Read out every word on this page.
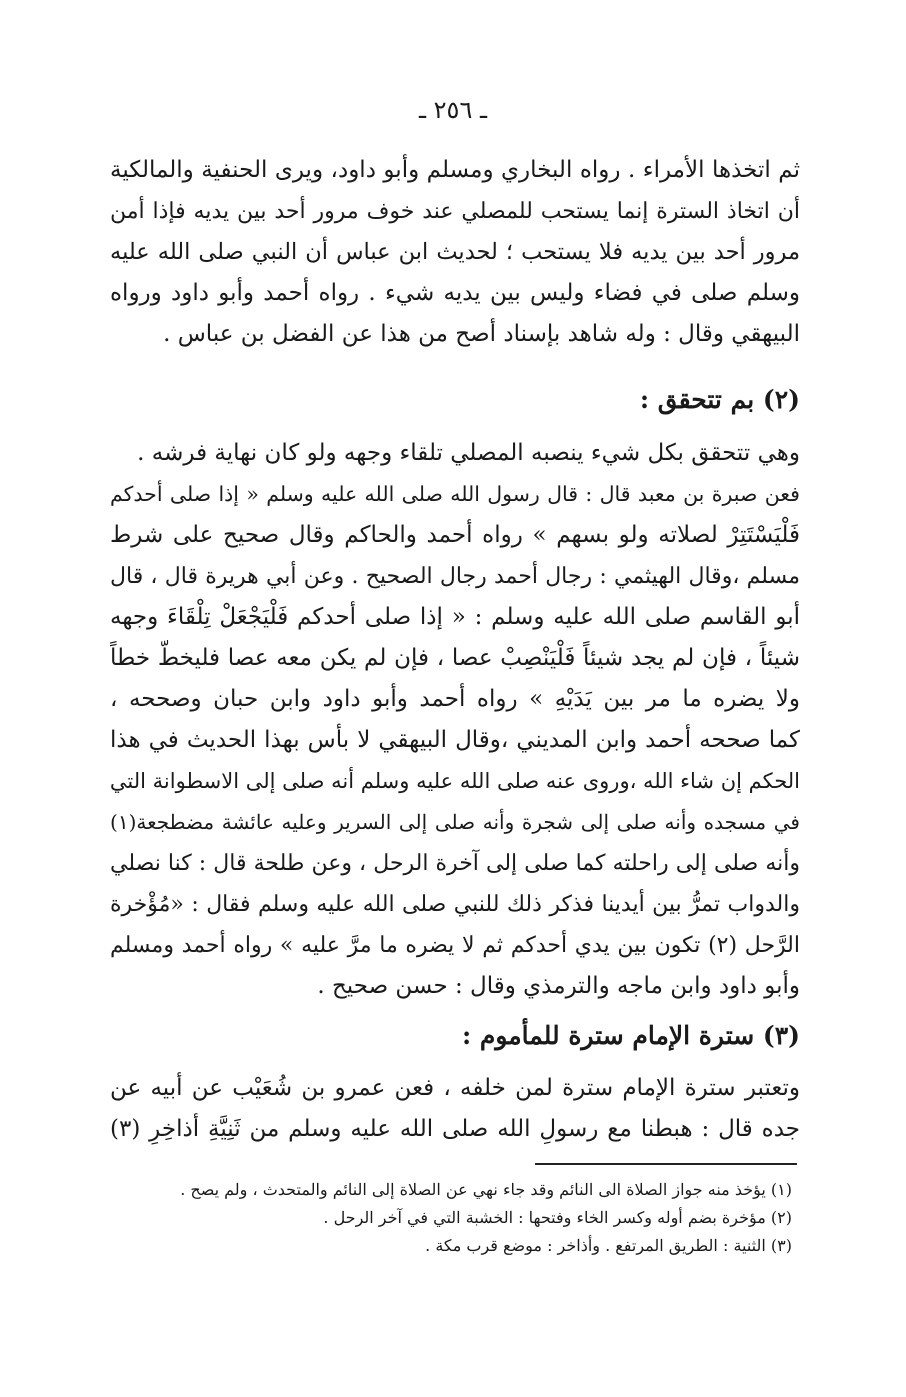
ـ ٢٥٦ ـ
ثم اتخذها الأمراء . رواه البخاري ومسلم وأبو داود، ويرى الحنفية والمالكية
أن اتخاذ السترة إنما يستحب للمصلي عند خوف مرور أحد بين يديه فإذا أمن
مرور أحد بين يديه فلا يستحب ؛ لحديث ابن عباس أن النبي صلى الله عليه
وسلم صلى في فضاء وليس بين يديه شيء . رواه أحمد وأبو داود ورواه
البيهقي وقال : وله شاهد بإسناد أصح من هذا عن الفضل بن عباس .
(٢) بم تتحقق :
وهي تتحقق بكل شيء ينصبه المصلي تلقاء وجهه ولو كان نهاية فرشه .
فعن صبرة بن معبد قال : قال رسول الله صلى الله عليه وسلم « إذا صلى أحدكم
فَلْيَسْتَتِرْ لصلاته ولو بسهم » رواه أحمد والحاكم وقال صحيح على شرط
مسلم ،وقال الهيثمي : رجال أحمد رجال الصحيح . وعن أبي هريرة قال ، قال
أبو القاسم صلى الله عليه وسلم : « إذا صلى أحدكم فَلْيَجْعَلْ تِلْقَاءَ وجهه
شيئاً ، فإن لم يجد شيئاً فَلْيَنْصِبْ عصا ، فإن لم يكن معه عصا فليخطّ خطاً
ولا يضره ما مر بين يَدَيْهِ » رواه أحمد وأبو داود وابن حبان وصححه ،
كما صححه أحمد وابن المديني ،وقال البيهقي لا بأس بهذا الحديث في هذا
الحكم إن شاء الله ،وروى عنه صلى الله عليه وسلم أنه صلى إلى الاسطوانة التي
في مسجده وأنه صلى إلى شجرة وأنه صلى إلى السرير وعليه عائشة مضطجعة(١)
وأنه صلى إلى راحلته كما صلى إلى آخرة الرحل ، وعن طلحة قال : كنا نصلي
والدواب تمرُّ بين أيدينا فذكر ذلك للنبي صلى الله عليه وسلم فقال : «مُؤْخرة
الرَّحل (٢) تكون بين يدي أحدكم ثم لا يضره ما مرَّ عليه » رواه أحمد ومسلم
وأبو داود وابن ماجه والترمذي وقال : حسن صحيح .
(٣) سترة الإمام سترة للمأموم :
وتعتبر سترة الإمام سترة لمن خلفه ، فعن عمرو بن شُعَيْب عن أبيه عن
جده قال : هبطنا مع رسولِ الله صلى الله عليه وسلم من ثَنِيَّةِ أذاخِرِ (٣)
(١) يؤخذ منه جواز الصلاة الى النائم وقد جاء نهي عن الصلاة إلى النائم والمتحدث ، ولم يصح .
(٢) مؤخرة بضم أوله وكسر الخاء وفتحها : الخشبة التي في آخر الرحل .
(٣) الثنية : الطريق المرتفع . وأذاخر : موضع قرب مكة .
